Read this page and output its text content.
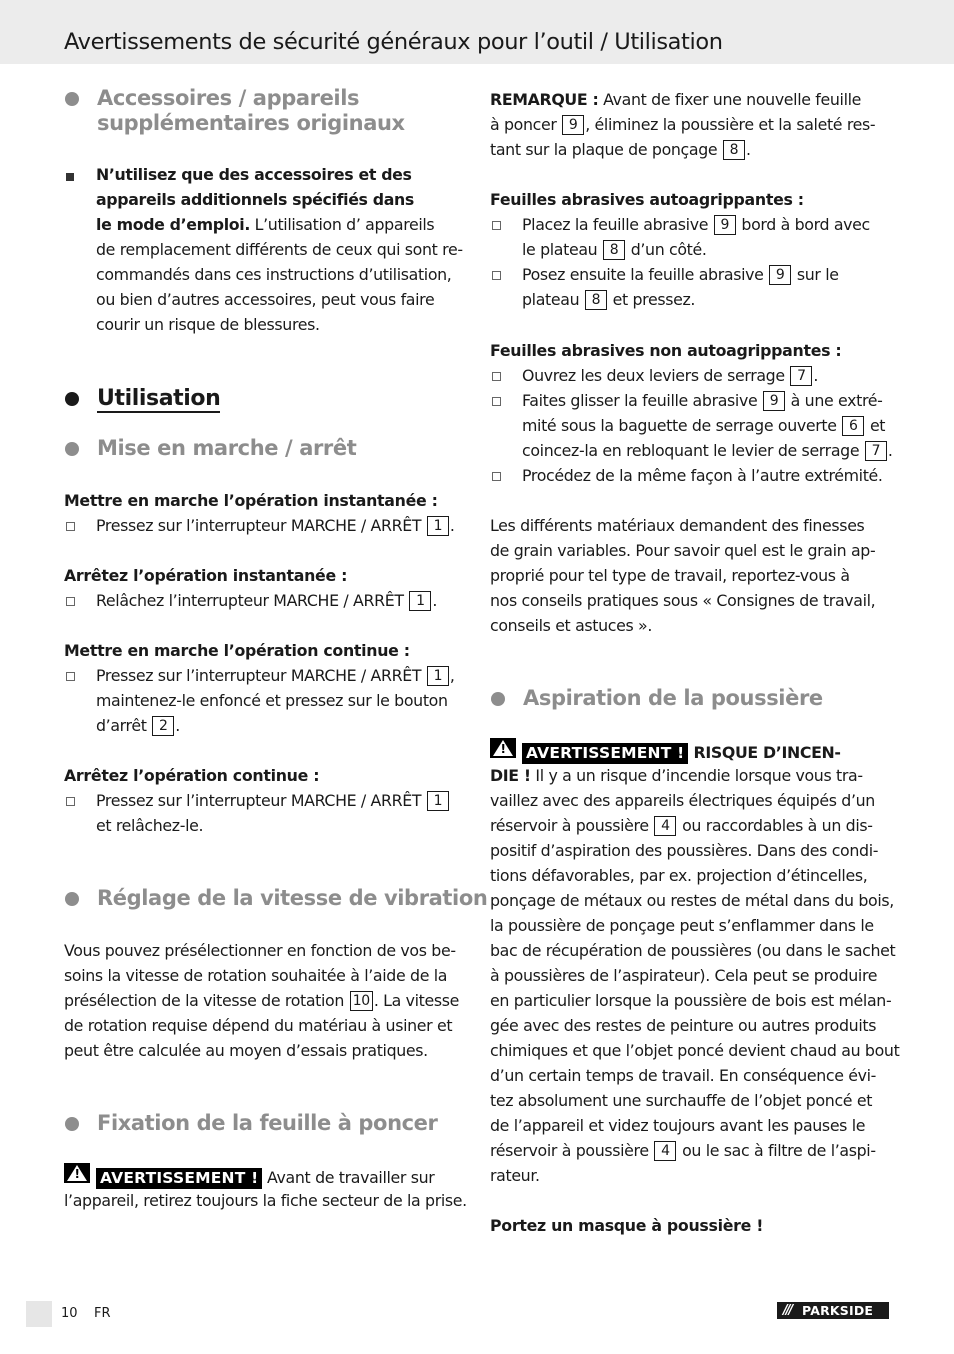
Avertissements de sécurité généraux pour l’outil / Utilisation
Accessoires / appareils
supplémentaires originaux
N’utilisez que des accessoires et des
appareils additionnels spécifiés dans
le mode d’emploi. L’utilisation d’ appareils
de remplacement différents de ceux qui sont re-
commandés dans ces instructions d’utilisation,
ou bien d’autres accessoires, peut vous faire
courir un risque de blessures.
Utilisation
Mise en marche / arrêt
Mettre en marche l’opération instantanée :
Pressez sur l’interrupteur MARCHE / ARRÊT 1 .
Arrêtez l’opération instantanée :
Relâchez l’interrupteur MARCHE / ARRÊT 1 .
Mettre en marche l’opération continue :
Pressez sur l’interrupteur MARCHE / ARRÊT 1 ,
maintenez-le enfoncé et pressez sur le bouton
d’arrêt 2 .
Arrêtez l’opération continue :
Pressez sur l’interrupteur MARCHE / ARRÊT 1
et relâchez-le.
Réglage de la vitesse de vibration
Vous pouvez présélectionner en fonction de vos be-
soins la vitesse de rotation souhaitée à l’aide de la
présélection de la vitesse de rotation 10 . La vitesse
de rotation requise dépend du matériau à usiner et
peut être calculée au moyen d’essais pratiques.
Fixation de la feuille à poncer
!	AVERTISSEMENT ! Avant de travailler sur
l’appareil, retirez toujours la fiche secteur de la prise.
REMARQUE : Avant de fixer une nouvelle feuille
à poncer 9 , éliminez la poussière et la saleté res-
tant sur la plaque de ponçage 8 .
Feuilles abrasives autoagrippantes :
Placez la feuille abrasive 9 bord à bord avec
le plateau 8 d’un côté.
Posez ensuite la feuille abrasive 9 sur le
plateau 8 et pressez.
Feuilles abrasives non autoagrippantes :
Ouvrez les deux leviers de serrage 7 .
Faites glisser la feuille abrasive 9 à une extré-
mité sous la baguette de serrage ouverte 6 et
coincez-la en rebloquant le levier de serrage 7 .
Procédez de la même façon à l’autre extrémité.
Les différents matériaux demandent des finesses
de grain variables. Pour savoir quel est le grain ap-
proprié pour tel type de travail, reportez-vous à
nos conseils pratiques sous « Consignes de travail,
conseils et astuces ».
Aspiration de la poussière
!	AVERTISSEMENT ! RISQUE D’INCEN-
DIE ! Il y a un risque d’incendie lorsque vous tra-
vaillez avec des appareils électriques équipés d’un
réservoir à poussière 4 ou raccordables à un dis-
positif d’aspiration des poussières. Dans des condi-
tions défavorables, par ex. projection d’étincelles,
ponçage de métaux ou restes de métal dans du bois,
la poussière de ponçage peut s’enflammer dans le
bac de récupération de poussières (ou dans le sachet
à poussières de l’aspirateur). Cela peut se produire
en particulier lorsque la poussière de bois est mélan-
gée avec des restes de peinture ou autres produits
chimiques et que l’objet poncé devient chaud au bout
d’un certain temps de travail. En conséquence évi-
tez absolument une surchauffe de l’objet poncé et
de l’appareil et videz toujours avant les pauses le
réservoir à poussière 4 ou le sac à filtre de l’aspi-
rateur.
Portez un masque à poussière !
10 FR	/// PARKSIDE
